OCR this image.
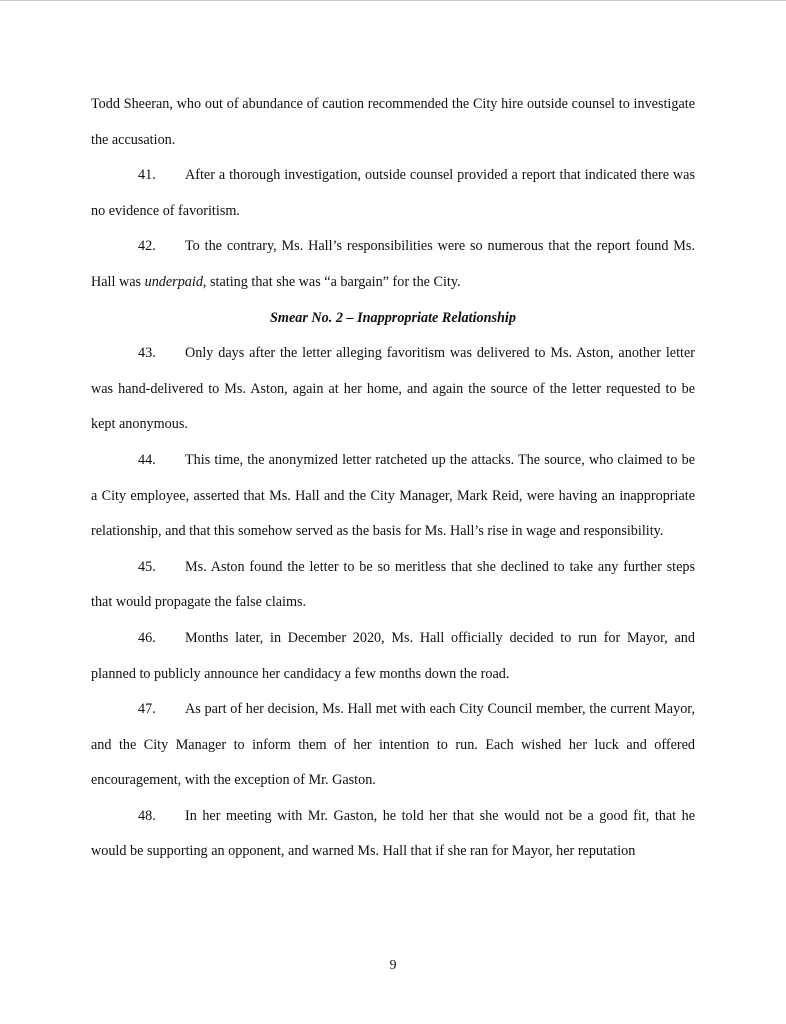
Todd Sheeran, who out of abundance of caution recommended the City hire outside counsel to investigate the accusation.

41. After a thorough investigation, outside counsel provided a report that indicated there was no evidence of favoritism.

42. To the contrary, Ms. Hall’s responsibilities were so numerous that the report found Ms. Hall was underpaid, stating that she was “a bargain” for the City.

Smear No. 2 – Inappropriate Relationship

43. Only days after the letter alleging favoritism was delivered to Ms. Aston, another letter was hand-delivered to Ms. Aston, again at her home, and again the source of the letter requested to be kept anonymous.

44. This time, the anonymized letter ratcheted up the attacks. The source, who claimed to be a City employee, asserted that Ms. Hall and the City Manager, Mark Reid, were having an inappropriate relationship, and that this somehow served as the basis for Ms. Hall’s rise in wage and responsibility.

45. Ms. Aston found the letter to be so meritless that she declined to take any further steps that would propagate the false claims.

46. Months later, in December 2020, Ms. Hall officially decided to run for Mayor, and planned to publicly announce her candidacy a few months down the road.

47. As part of her decision, Ms. Hall met with each City Council member, the current Mayor, and the City Manager to inform them of her intention to run. Each wished her luck and offered encouragement, with the exception of Mr. Gaston.

48. In her meeting with Mr. Gaston, he told her that she would not be a good fit, that he would be supporting an opponent, and warned Ms. Hall that if she ran for Mayor, her reputation

9
